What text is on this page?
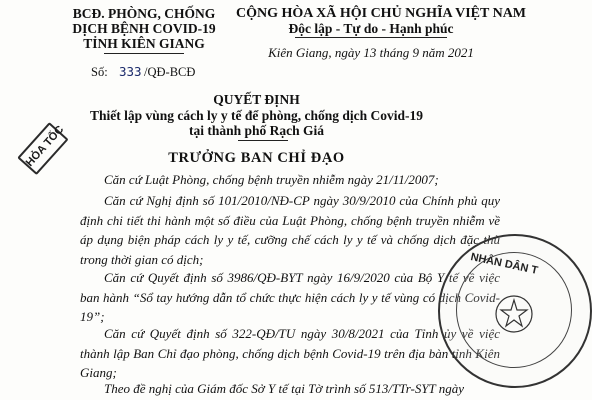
BCĐ. PHÒNG, CHỐNG
DỊCH BỆNH COVID-19
TỈNH KIÊN GIANG
CỘNG HÒA XÃ HỘI CHỦ NGHĨA VIỆT NAM
Độc lập - Tự do - Hạnh phúc
Kiên Giang, ngày 13 tháng 9 năm 2021
Số: 333 /QĐ-BCĐ
QUYẾT ĐỊNH
Thiết lập vùng cách ly y tế để phòng, chống dịch Covid-19
tại thành phố Rạch Giá
HỎA TỐC	TRƯỞNG BAN CHỈ ĐẠO
Căn cứ Luật Phòng, chống bệnh truyền nhiễm ngày 21/11/2007;
Căn cứ Nghị định số 101/2010/NĐ-CP ngày 30/9/2010 của Chính phủ quy định chi tiết thi hành một số điều của Luật Phòng, chống bệnh truyền nhiễm về áp dụng biện pháp cách ly y tế, cưỡng chế cách ly y tế và chống dịch đặc thù trong thời gian có dịch;
Căn cứ Quyết định số 3986/QĐ-BYT ngày 16/9/2020 của Bộ Y tế về việc ban hành “Sổ tay hướng dẫn tổ chức thực hiện cách ly y tế vùng có dịch Covid-19”;
Căn cứ Quyết định số 322-QĐ/TU ngày 30/8/2021 của Tỉnh ủy về việc thành lập Ban Chỉ đạo phòng, chống dịch bệnh Covid-19 trên địa bàn tỉnh Kiên Giang;
Theo đề nghị của Giám đốc Sở Y tế tại Tờ trình số 513/TTr-SYT ngày
NHÂN DÂN T
